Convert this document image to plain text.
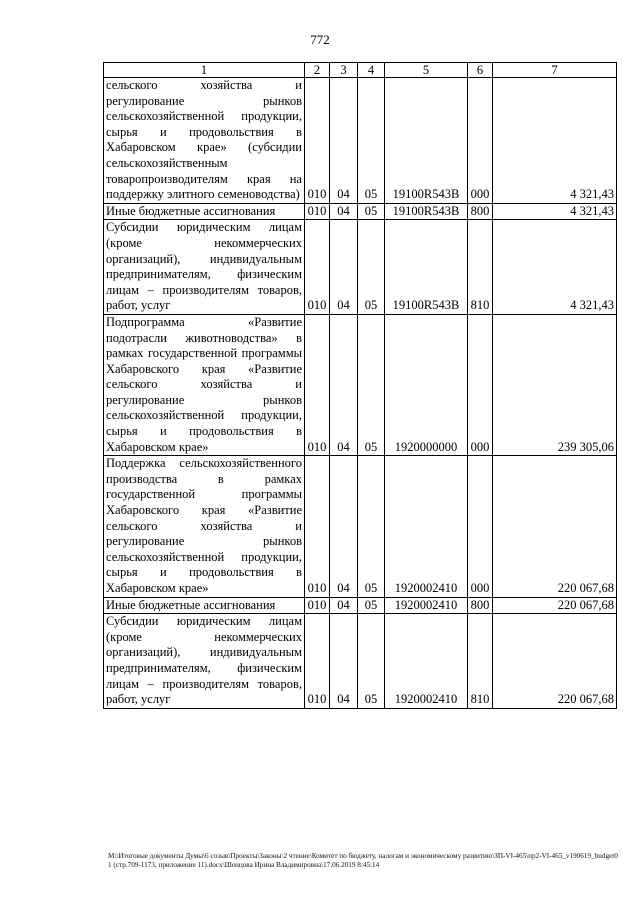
772
1	2	3	4	5	6	7
сельского хозяйства и регулирование рынков сельскохозяйственной продукции, сырья и продовольствия в Хабаровском крае» (субсидии сельскохозяйственным товаропроизводителям края на поддержку элитного семеноводства)	010	04	05	19100R543B	000	4 321,43
Иные бюджетные ассигнования	010	04	05	19100R543B	800	4 321,43
Субсидии юридическим лицам (кроме некоммерческих организаций), индивидуальным предпринимателям, физическим лицам – производителям товаров, работ, услуг	010	04	05	19100R543B	810	4 321,43
Подпрограмма «Развитие подотрасли животноводства» в рамках государственной программы Хабаровского края «Развитие сельского хозяйства и регулирование рынков сельскохозяйственной продукции, сырья и продовольствия в Хабаровском крае»	010	04	05	1920000000	000	239 305,06
Поддержка сельскохозяйственного производства в рамках государственной программы Хабаровского края «Развитие сельского хозяйства и регулирование рынков сельскохозяйственной продукции, сырья и продовольствия в Хабаровском крае»	010	04	05	1920002410	000	220 067,68
Иные бюджетные ассигнования	010	04	05	1920002410	800	220 067,68
Субсидии юридическим лицам (кроме некоммерческих организаций), индивидуальным предпринимателям, физическим лицам – производителям товаров, работ, услуг	010	04	05	1920002410	810	220 067,68
M:\Итоговые документы Думы\6 созыв\Проекты\Законы\2 чтение\Комитет по бюджету, налогам и экономическому развитию\ЗП-VI-465\пр2-VI-465_v190619_budget01 (стр.709-1173, приложение 11).docx\Шенцова Ирина Владимировна\17.06.2019 8:45:14
